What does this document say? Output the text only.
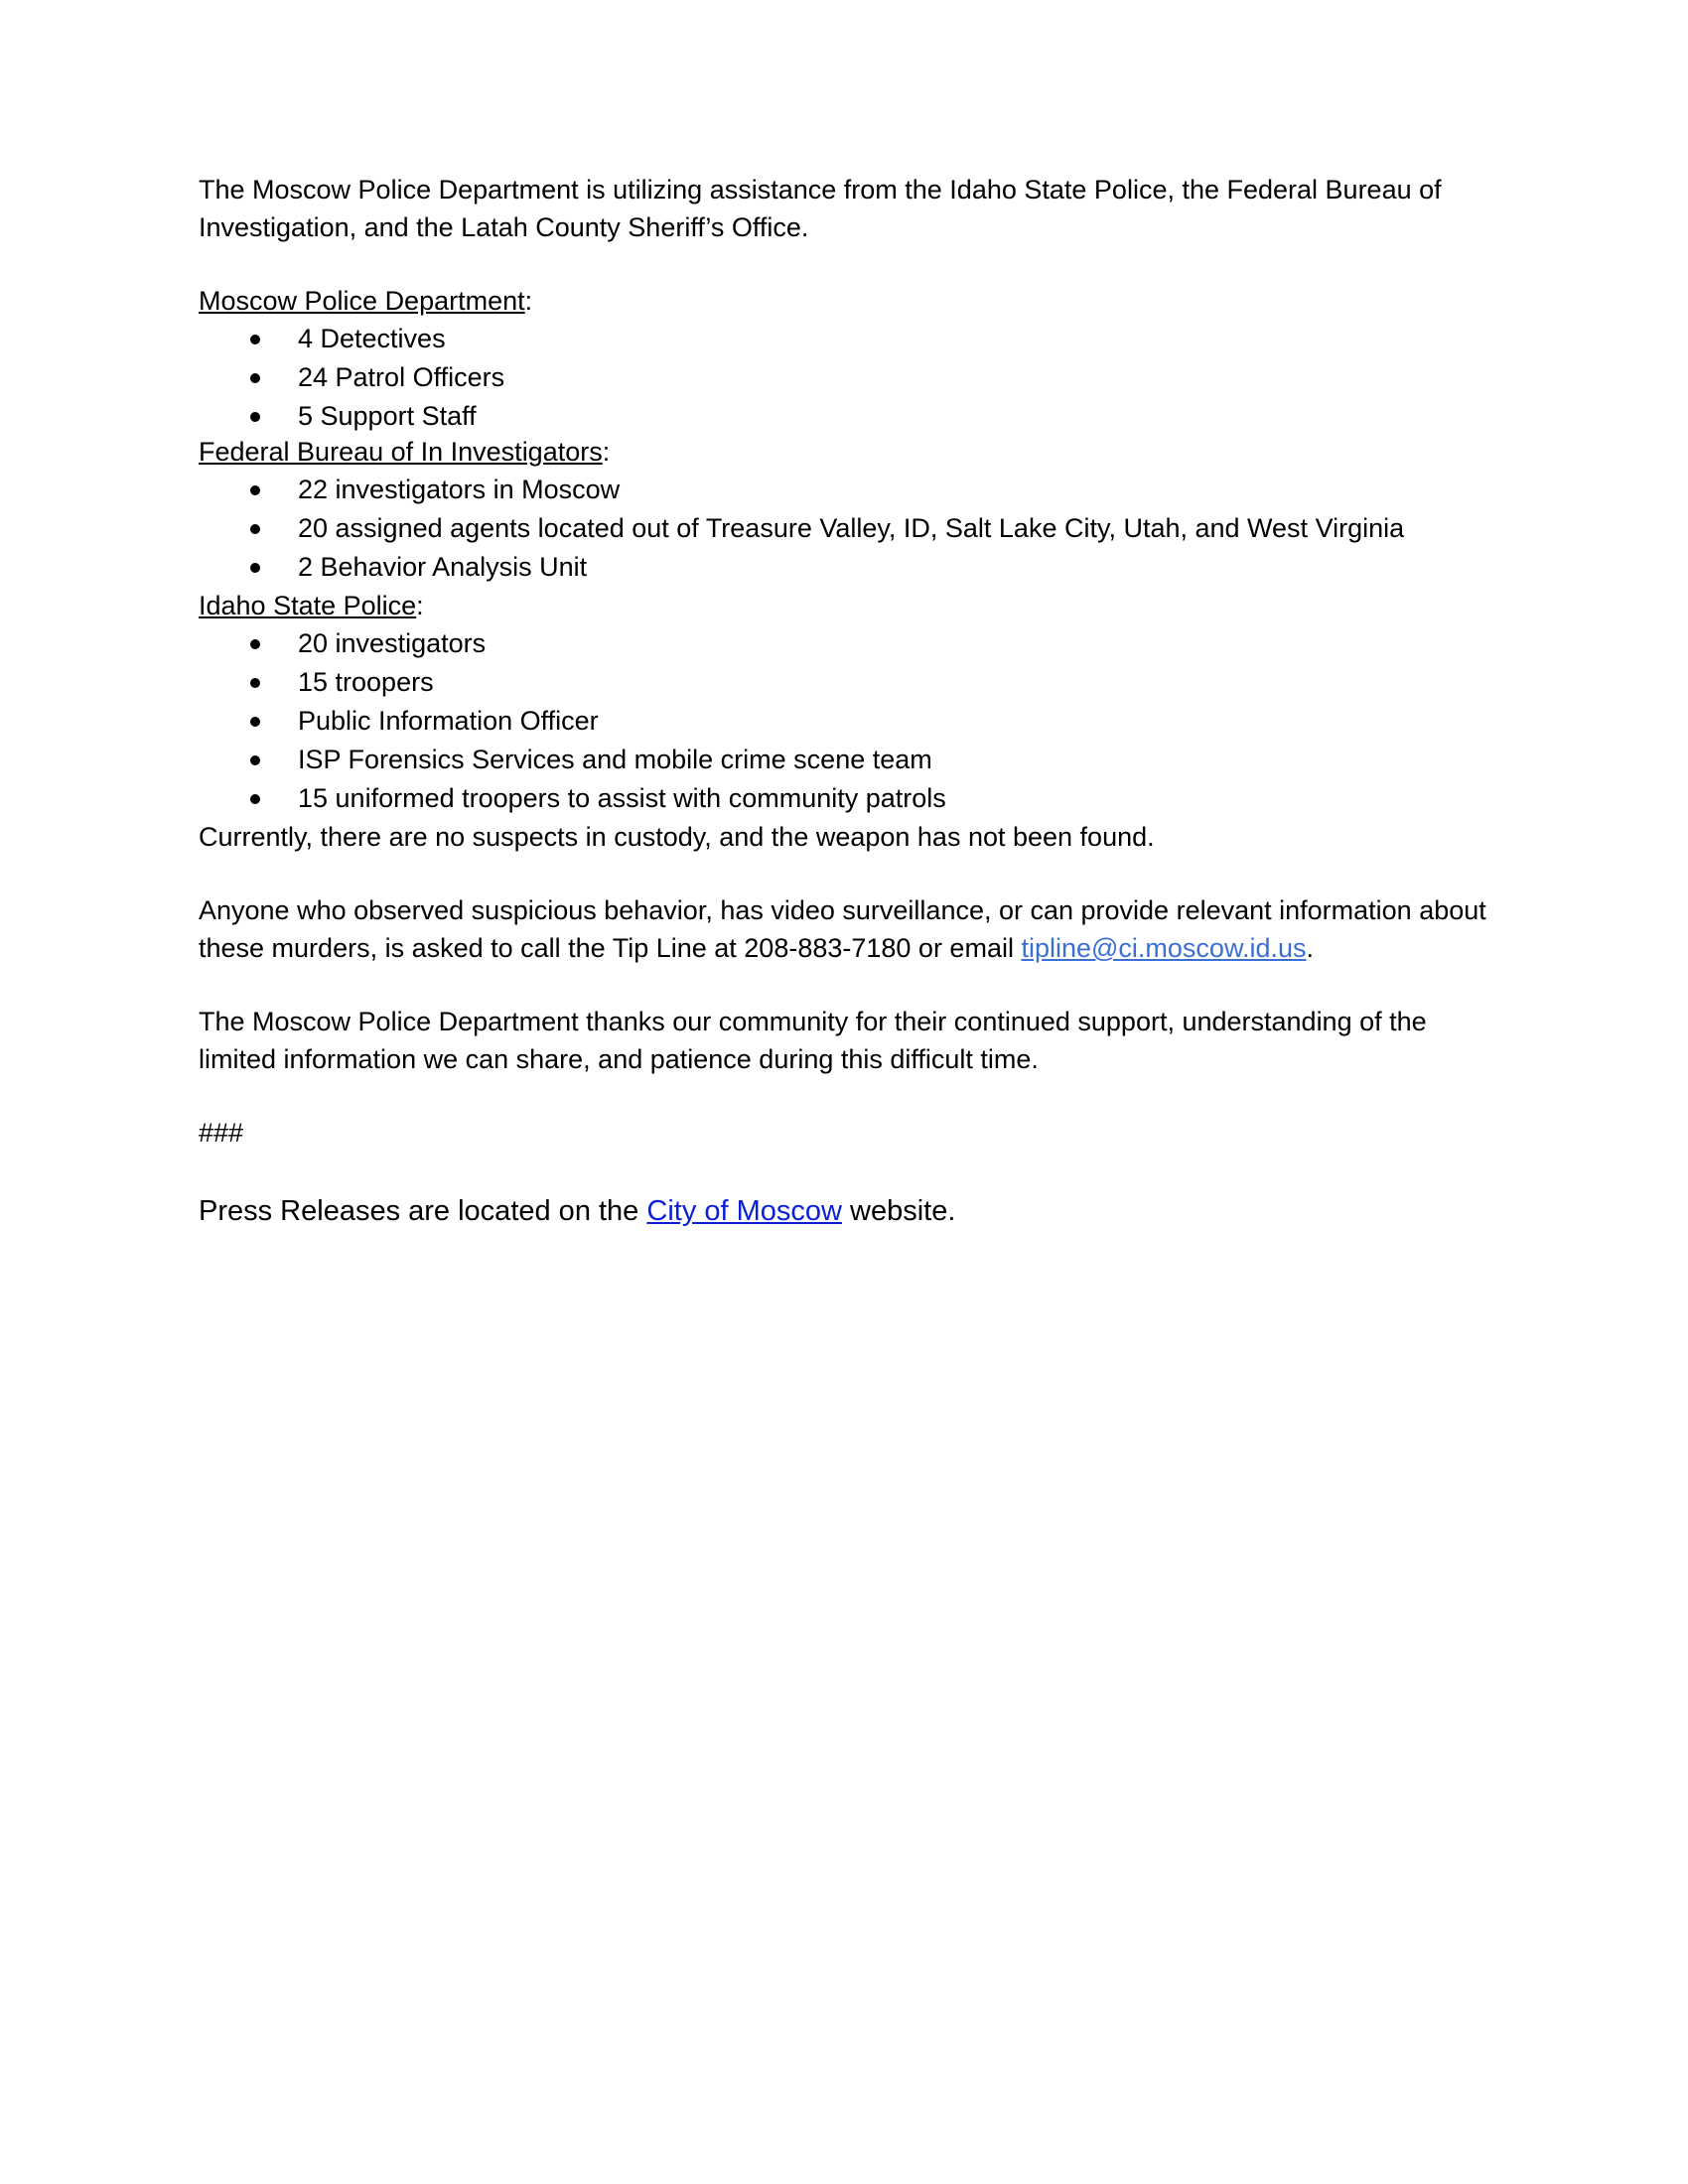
The Moscow Police Department is utilizing assistance from the Idaho State Police, the Federal Bureau of Investigation, and the Latah County Sheriff’s Office.

Moscow Police Department:

4 Detectives
24 Patrol Officers
5 Support Staff

Federal Bureau of In Investigators:

22 investigators in Moscow
20 assigned agents located out of Treasure Valley, ID, Salt Lake City, Utah, and West Virginia
2 Behavior Analysis Unit

Idaho State Police:

20 investigators
15 troopers
Public Information Officer
ISP Forensics Services and mobile crime scene team
15 uniformed troopers to assist with community patrols

Currently, there are no suspects in custody, and the weapon has not been found.

Anyone who observed suspicious behavior, has video surveillance, or can provide relevant information about these murders, is asked to call the Tip Line at 208-883-7180 or email tipline@ci.moscow.id.us.

The Moscow Police Department thanks our community for their continued support, understanding of the limited information we can share, and patience during this difficult time.

###

Press Releases are located on the City of Moscow website.
